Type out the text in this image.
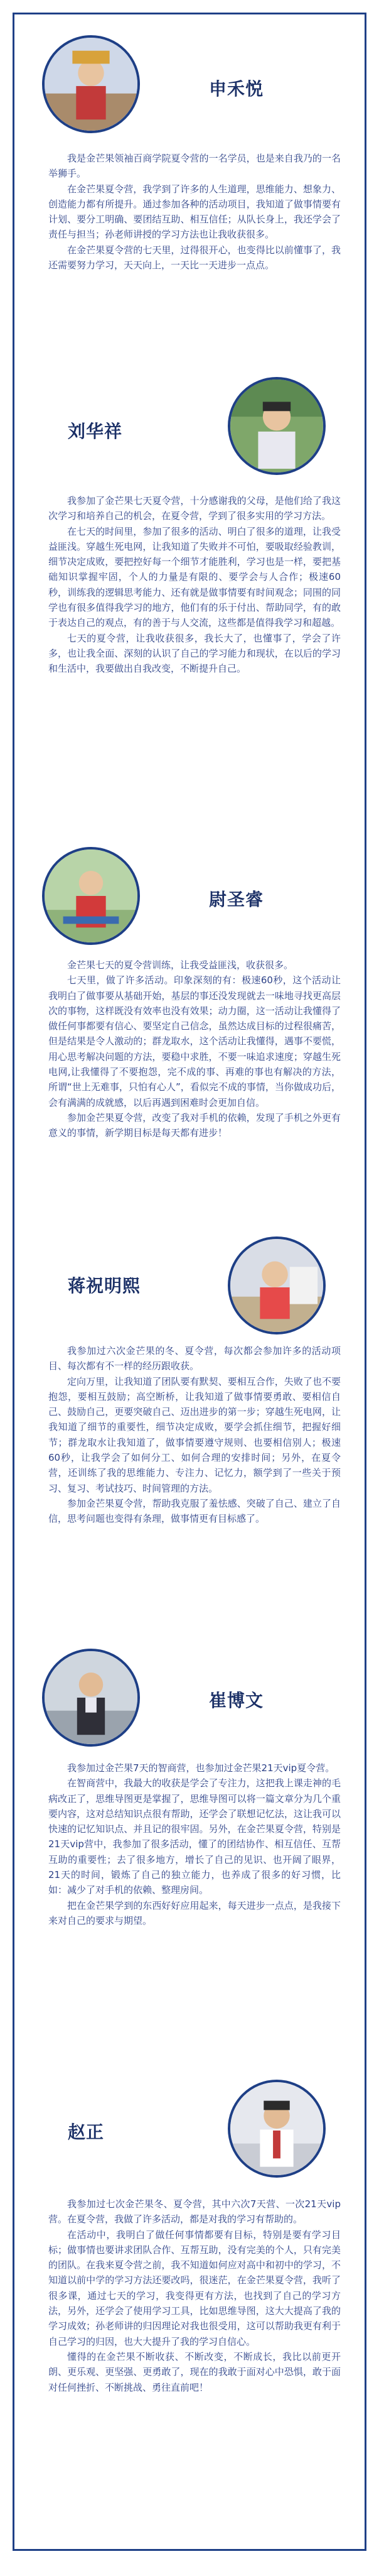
申禾悦

我是金芒果领袖百商学院夏令营的一名学员，也是来自我乃的一名举狮手。

在金芒果夏令营，我学到了许多的人生道理，思维能力、想象力、创造能力都有所提升。通过参加各种的活动项目，我知道了做事情要有计划、要分工明确、要团结互助、相互信任；从队长身上，我还学会了责任与担当；孙老师讲授的学习方法也让我收获很多。

在金芒果夏令营的七天里，过得很开心，也变得比以前懂事了，我还需要努力学习，天天向上，一天比一天进步一点点。

刘华祥

我参加了金芒果七天夏令营，十分感谢我的父母，是他们给了我这次学习和培养自己的机会，在夏令营，学到了很多实用的学习方法。

在七天的时间里，参加了很多的活动、明白了很多的道理，让我受益匪浅。穿越生死电网，让我知道了失败并不可怕，要吸取经验教训，细节决定成败，要把控好每一个细节才能胜利，学习也是一样，要把基础知识掌握牢固，个人的力量是有限的、要学会与人合作；极速60秒，训练我的逻辑思考能力、还有就是做事情要有时间观念；同围的同学也有很多值得我学习的地方，他们有的乐于付出、帮助同学，有的敢于表达自己的观点，有的善于与人交流，这些都是值得我学习和超越。

七天的夏令营，让我收获很多，我长大了，也懂事了，学会了许多，也让我全面、深刻的认识了自己的学习能力和现状，在以后的学习和生活中，我要做出自我改变，不断提升自己。

尉圣睿

金芒果七天的夏令营训练，让我受益匪浅，收获很多。

七天里，做了许多活动。印象深刻的有：极速60秒，这个活动让我明白了做事要从基础开始，基层的事还没发现就去一味地寻找更高层次的事物，这样既没有效率也没有效果；动力圈，这一活动让我懂得了做任何事都要有信心、要坚定自己信念，虽然达成目标的过程很痛苦，但是结果是令人激动的；群龙取水，这个活动让我懂得，遇事不要慌，用心思考解决问题的方法，要稳中求胜，不要一味追求速度；穿越生死电网,让我懂得了不要抱怨，完不成的事、再难的事也有解决的方法，所谓“世上无难事，只怕有心人”，看似完不成的事情，当你做成功后，会有满满的成就感，以后再遇到困难时会更加自信。

参加金芒果夏令营，改变了我对手机的依赖，发现了手机之外更有意义的事情，新学期目标是每天都有进步！

蒋祝明熙

我参加过六次金芒果的冬、夏令营，每次都会参加许多的活动项目、每次都有不一样的经历跟收获。

定向万里，让我知道了团队要有默契、要相互合作，失败了也不要抱怨，要相互鼓励；高空断桥，让我知道了做事情要勇敢、要相信自己、鼓励自己，更要突破自己、迈出进步的第一步；穿越生死电网，让我知道了细节的重要性，细节决定成败，要学会抓住细节，把握好细节；群龙取水让我知道了，做事情要遵守规则、也要相信别人；极速60秒，让我学会了如何分工、如何合理的安排时间；另外，在夏令营，还训练了我的思维能力、专注力、记忆力，额学到了一些关于预习、复习、考试技巧、时间管理的方法。

参加金芒果夏令营，帮助我克服了羞怯感、突破了自己、建立了自信，思考问题也变得有条理，做事情更有目标感了。

崔博文

我参加过金芒果7天的智商营，也参加过金芒果21天vip夏令营。

在智商营中，我最大的收获是学会了专注力，这把我上课走神的毛病改正了，思维导图更是掌握了，思维导图可以将一篇文章分为几个重要内容，这对总结知识点很有帮助，还学会了联想记忆法，这让我可以快速的记忆知识点、并且记的很牢固。另外，在金芒果夏令营，特别是21天vip营中，我参加了很多活动，懂了的团结协作、相互信任、互帮互助的重要性；去了很多地方，增长了自己的见识、也开阔了眼界，21天的时间，锻炼了自己的独立能力，也养成了很多的好习惯，比如：减少了对手机的依赖、整理房间。

把在金芒果学到的东西好好应用起来，每天进步一点点，是我接下来对自己的要求与期望。

赵正

我参加过七次金芒果冬、夏令营，其中六次7天营、一次21天vip营。在夏令营，我做了许多活动，都是对我的学习有帮助的。

在活动中，我明白了做任何事情都要有目标，特别是要有学习目标；做事情也要讲求团队合作、互帮互助，没有完美的个人，只有完美的团队。在我来夏令营之前，我不知道如何应对高中和初中的学习，不知道以前中学的学习方法还要改吗，很迷茫，在金芒果夏令营，我听了很多课，通过七天的学习，我变得更有方法，也找到了自己的学习方法，另外，还学会了使用学习工具，比如思维导图，这大大提高了我的学习成效；孙老师讲的归因理论对我也很受用，这可以帮助我更有利于自己学习的归因，也大大提升了我的学习自信心。

懂得的在金芒果不断收获、不断改变，不断成长，我比以前更开朗、更乐观、更坚强、更勇敢了，现在的我敢于面对心中恐惧，敢于面对任何挫折、不断挑战、勇往直前吧！
